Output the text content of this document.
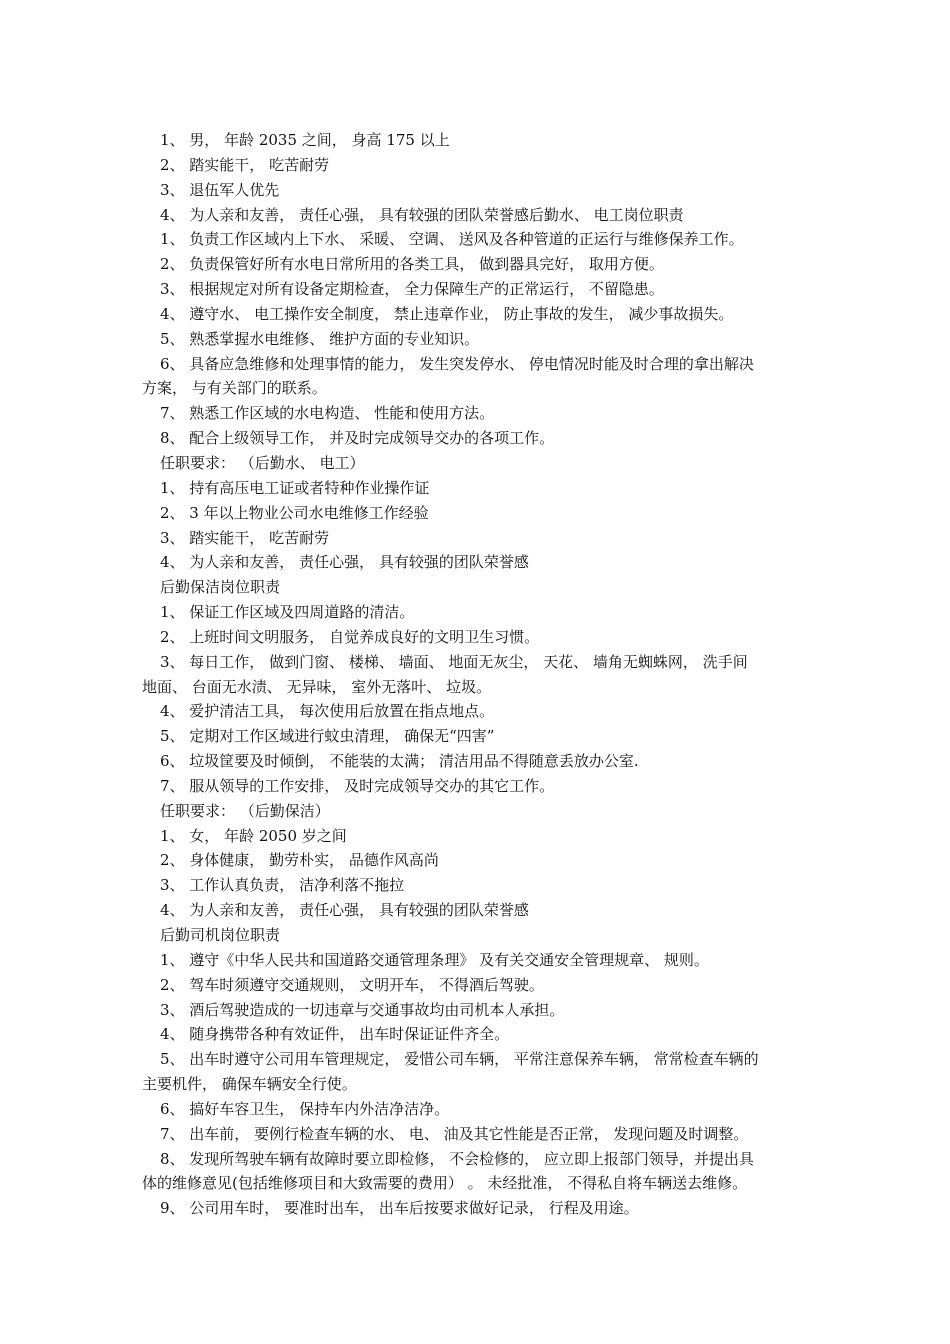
1、 男， 年龄 2035 之间， 身高 175 以上
2、 踏实能干， 吃苦耐劳
3、 退伍军人优先
4、 为人亲和友善， 责任心强， 具有较强的团队荣誉感后勤水、 电工岗位职责
1、 负责工作区域内上下水、 采暖、 空调、 送风及各种管道的正运行与维修保养工作。
2、 负责保管好所有水电日常所用的各类工具， 做到器具完好， 取用方便。
3、 根据规定对所有设备定期检查， 全力保障生产的正常运行， 不留隐患。
4、 遵守水、 电工操作安全制度， 禁止违章作业， 防止事故的发生， 减少事故损失。
5、 熟悉掌握水电维修、 维护方面的专业知识。
6、 具备应急维修和处理事情的能力， 发生突发停水、 停电情况时能及时合理的拿出解决
方案， 与有关部门的联系。
7、 熟悉工作区域的水电构造、 性能和使用方法。
8、 配合上级领导工作， 并及时完成领导交办的各项工作。
任职要求： （后勤水、 电工）
1、 持有高压电工证或者特种作业操作证
2、 3 年以上物业公司水电维修工作经验
3、 踏实能干， 吃苦耐劳
4、 为人亲和友善， 责任心强， 具有较强的团队荣誉感
后勤保洁岗位职责
1、 保证工作区域及四周道路的清洁。
2、 上班时间文明服务， 自觉养成良好的文明卫生习惯。
3、 每日工作， 做到门窗、 楼梯、 墙面、 地面无灰尘， 天花、 墙角无蜘蛛网， 洗手间
地面、 台面无水渍、 无异味， 室外无落叶、 垃圾。
4、 爱护清洁工具， 每次使用后放置在指点地点。
5、 定期对工作区域进行蚊虫清理， 确保无“四害”
6、 垃圾筐要及时倾倒， 不能装的太满； 清洁用品不得随意丢放办公室.
7、 服从领导的工作安排， 及时完成领导交办的其它工作。
任职要求： （后勤保洁）
1、 女， 年龄 2050 岁之间
2、 身体健康， 勤劳朴实， 品德作风高尚
3、 工作认真负责， 洁净利落不拖拉
4、 为人亲和友善， 责任心强， 具有较强的团队荣誉感
后勤司机岗位职责
1、 遵守《中华人民共和国道路交通管理条理》 及有关交通安全管理规章、 规则。
2、 驾车时须遵守交通规则， 文明开车， 不得酒后驾驶。
3、 酒后驾驶造成的一切违章与交通事故均由司机本人承担。
4、 随身携带各种有效证件， 出车时保证证件齐全。
5、 出车时遵守公司用车管理规定， 爱惜公司车辆， 平常注意保养车辆， 常常检查车辆的
主要机件， 确保车辆安全行使。
6、 搞好车容卫生， 保持车内外洁净洁净。
7、 出车前， 要例行检查车辆的水、 电、 油及其它性能是否正常， 发现问题及时调整。
8、 发现所驾驶车辆有故障时要立即检修， 不会检修的， 应立即上报部门领导，并提出具
体的维修意见(包括维修项目和大致需要的费用） 。 未经批准， 不得私自将车辆送去维修。
9、 公司用车时， 要准时出车， 出车后按要求做好记录， 行程及用途。
